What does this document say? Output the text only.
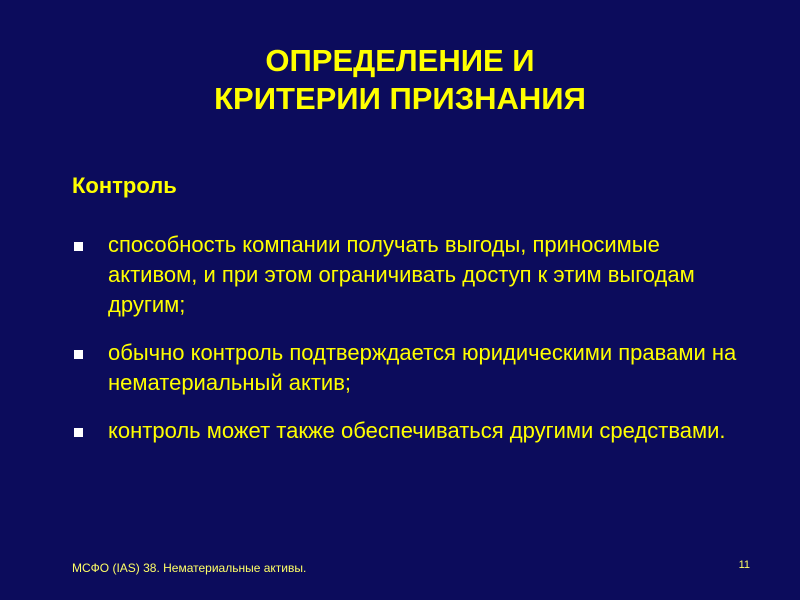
ОПРЕДЕЛЕНИЕ И
КРИТЕРИИ ПРИЗНАНИЯ
Контроль
способность компании получать выгоды, приносимые активом, и при этом ограничивать доступ к этим выгодам другим;
обычно контроль подтверждается юридическими правами на нематериальный актив;
контроль может также обеспечиваться другими средствами.
МСФО (IAS) 38. Нематериальные активы.	11
